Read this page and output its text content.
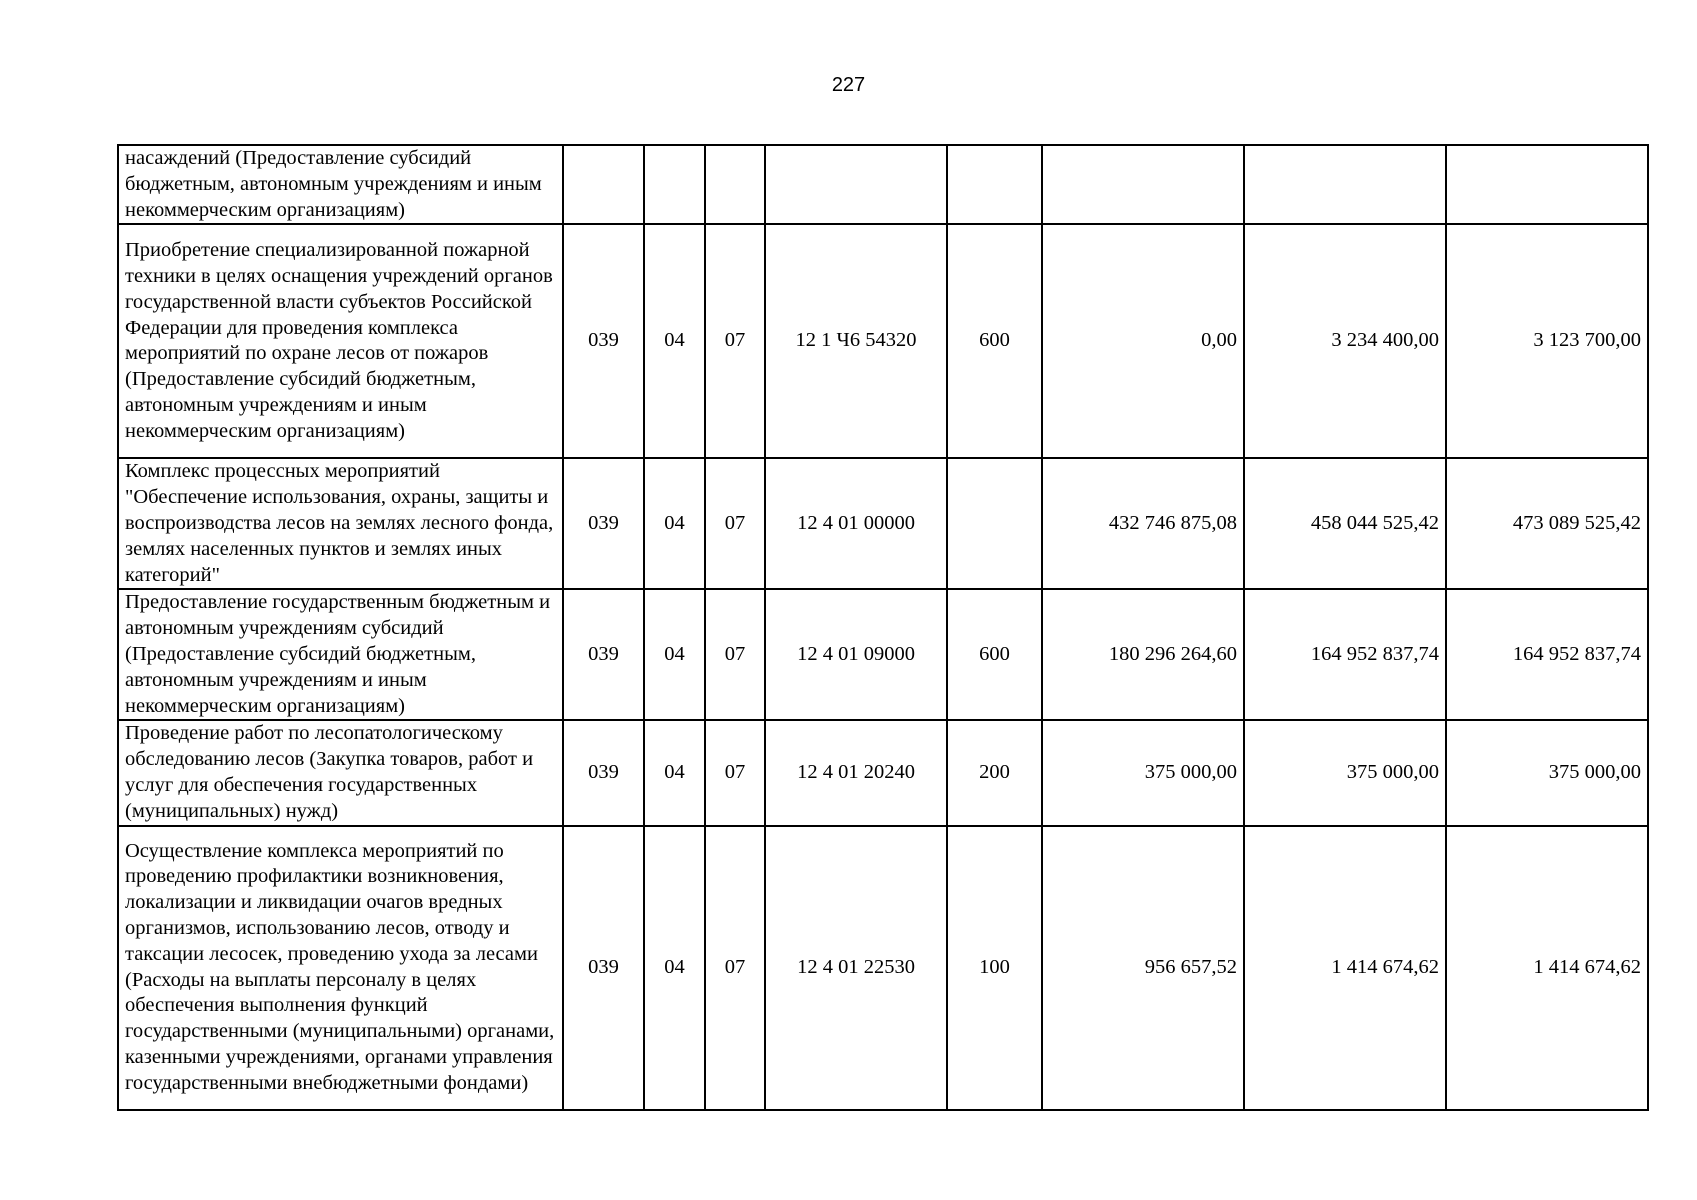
227
насаждений (Предоставление субсидий бюджетным, автономным учреждениям и иным некоммерческим организациям)								
Приобретение специализированной пожарной техники в целях оснащения учреждений органов государственной власти субъектов Российской Федерации для проведения комплекса мероприятий по охране лесов от пожаров (Предоставление субсидий бюджетным, автономным учреждениям и иным некоммерческим организациям)	039	04	07	12 1 Ч6 54320	600	0,00	3 234 400,00	3 123 700,00
Комплекс процессных мероприятий "Обеспечение использования, охраны, защиты и воспроизводства лесов на землях лесного фонда, землях населенных пунктов и землях иных категорий"	039	04	07	12 4 01 00000		432 746 875,08	458 044 525,42	473 089 525,42
Предоставление государственным бюджетным и автономным учреждениям субсидий (Предоставление субсидий бюджетным, автономным учреждениям и иным некоммерческим организациям)	039	04	07	12 4 01 09000	600	180 296 264,60	164 952 837,74	164 952 837,74
Проведение работ по лесопатологическому обследованию лесов (Закупка товаров, работ и услуг для обеспечения государственных (муниципальных) нужд)	039	04	07	12 4 01 20240	200	375 000,00	375 000,00	375 000,00
Осуществление комплекса мероприятий по проведению профилактики возникновения, локализации и ликвидации очагов вредных организмов, использованию лесов, отводу и таксации лесосек, проведению ухода за лесами (Расходы на выплаты персоналу в целях обеспечения выполнения функций государственными (муниципальными) органами, казенными учреждениями, органами управления государственными внебюджетными фондами)	039	04	07	12 4 01 22530	100	956 657,52	1 414 674,62	1 414 674,62
